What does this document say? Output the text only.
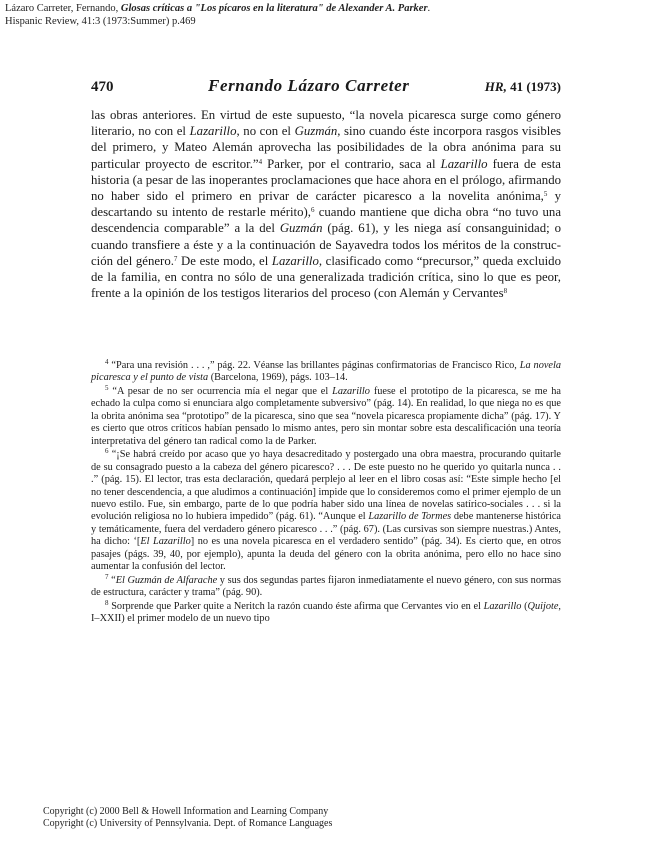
Lázaro Carreter, Fernando, Glosas críticas a "Los pícaros en la literatura" de Alexander A. Parker.
Hispanic Review, 41:3 (1973:Summer) p.469
470	Fernando Lázaro Carreter	HR, 41 (1973)

las obras anteriores. En virtud de este supuesto, “la novela picaresca surge como género literario, no con el Lazarillo, no con el Guzmán, sino cuando éste incorpora rasgos visibles del primero, y Mateo Alemán aprovecha las posibilidades de la obra anónima para su particular proyecto de escritor.”$^4$ Parker, por el contrario, saca al Lazarillo fuera de esta historia (a pesar de las inoperantes proclamaciones que hace ahora en el prólogo, afirmando no haber sido el primero en privar de carácter picaresco a la novelita anónima,$^5$ y descartando su intento de restarle mérito),$^6$ cuando mantiene que dicha obra “no tuvo una descendencia comparable” a la del Guzmán (pág. 61), y les niega así consanguinidad; o cuando transfiere a éste y a la continuación de Sayavedra todos los méritos de la construcción del género.$^7$ De este modo, el Lazarillo, clasificado como “precursor,” queda excluido de la familia, en contra no sólo de una generalizada tradición crítica, sino lo que es peor, frente a la opinión de los testigos literarios del proceso (con Alemán y Cervantes$^8$

$^4$ “Para una revisión . . . ,” pág. 22. Véanse las brillantes páginas confirmatorias de Francisco Rico, La novela picaresca y el punto de vista (Barcelona, 1969), págs. 103–14.

$^5$ “A pesar de no ser ocurrencia mía el negar que el Lazarillo fuese el prototipo de la picaresca, se me ha echado la culpa como si enunciara algo completamente subversivo” (pág. 14). En realidad, lo que niega no es que la obrita anónima sea “prototipo” de la picaresca, sino que sea “novela picaresca propiamente dicha” (pág. 17). Y es cierto que otros críticos habían pensado lo mismo antes, pero sin montar sobre esta descalificación una teoría interpretativa del género tan radical como la de Parker.

$^6$ “¡Se habrá creído por acaso que yo haya desacreditado y postergado una obra maestra, procurando quitarle de su consagrado puesto a la cabeza del género picaresco? . . . De este puesto no he querido yo quitarla nunca . . .” (pág. 15). El lector, tras esta declaración, quedará perplejo al leer en el libro cosas así: “Este simple hecho [el no tener descendencia, a que aludimos a continuación] impide que lo consideremos como el primer ejemplo de un nuevo estilo. Fue, sin embargo, parte de lo que podría haber sido una línea de novelas satírico-sociales . . . si la evolución religiosa no lo hubiera impedido” (pág. 61). “Aunque el Lazarillo de Tormes debe mantenerse histórica y temáticamente, fuera del verdadero género picaresco . . .” (pág. 67). (Las cursivas son siempre nuestras.) Antes, ha dicho: ‘[El Lazarillo] no es una novela picaresca en el verdadero sentido” (pág. 34). Es cierto que, en otros pasajes (págs. 39, 40, por ejemplo), apunta la deuda del género con la obrita anónima, pero ello no hace sino aumentar la confusión del lector.

$^7$ “El Guzmán de Alfarache y sus dos segundas partes fijaron inmediatamente el nuevo género, con sus normas de estructura, carácter y trama” (pág. 90).

$^8$ Sorprende que Parker quite a Neritch la razón cuando éste afirma que Cervantes vio en el Lazarillo (Quijote, I–XXII) el primer modelo de un nuevo tipo

Copyright (c) 2000 Bell & Howell Information and Learning Company
Copyright (c) University of Pennsylvania. Dept. of Romance Languages
